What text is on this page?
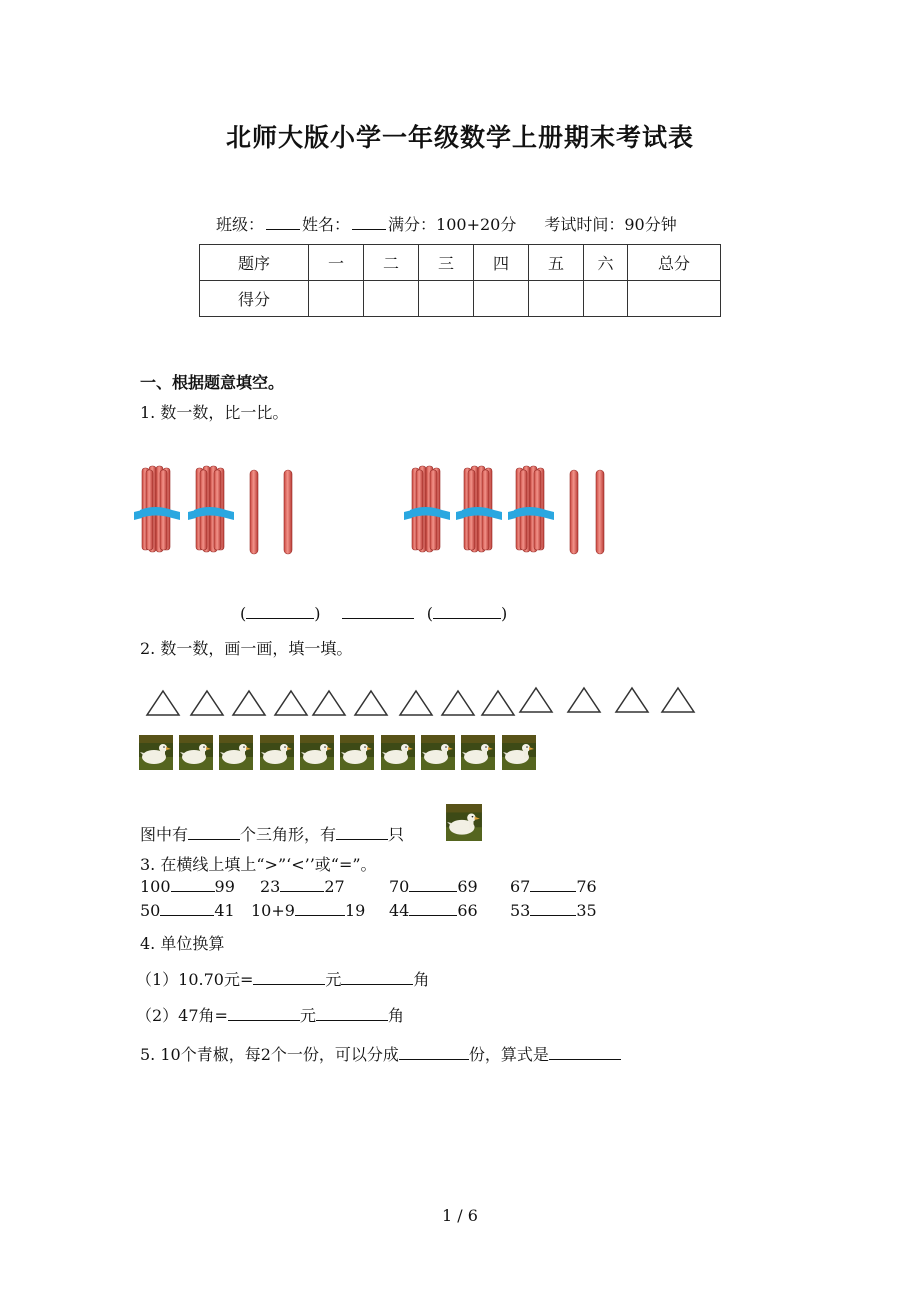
北师大版小学一年级数学上册期末考试表
班级： 姓名： 满分：100+20分 考试时间：90分钟
题序	一	二	三	四	五	六	总分
得分							
一、根据题意填空。
1. 数一数，比一比。
(	)	(	)
2. 数一数，画一画，填一填。
图中有	个三角形，有	只
3. 在横线上填上“>”‘<’’或“=”。
100	99 23	27	70	69 67	76
50	41 10+9	19 44	66 53	35
4. 单位换算
（1）10.70元=	元	角
（2）47角=	元	角
5. 10个青椒，每2个一份，可以分成	份，算式是
1 / 6
